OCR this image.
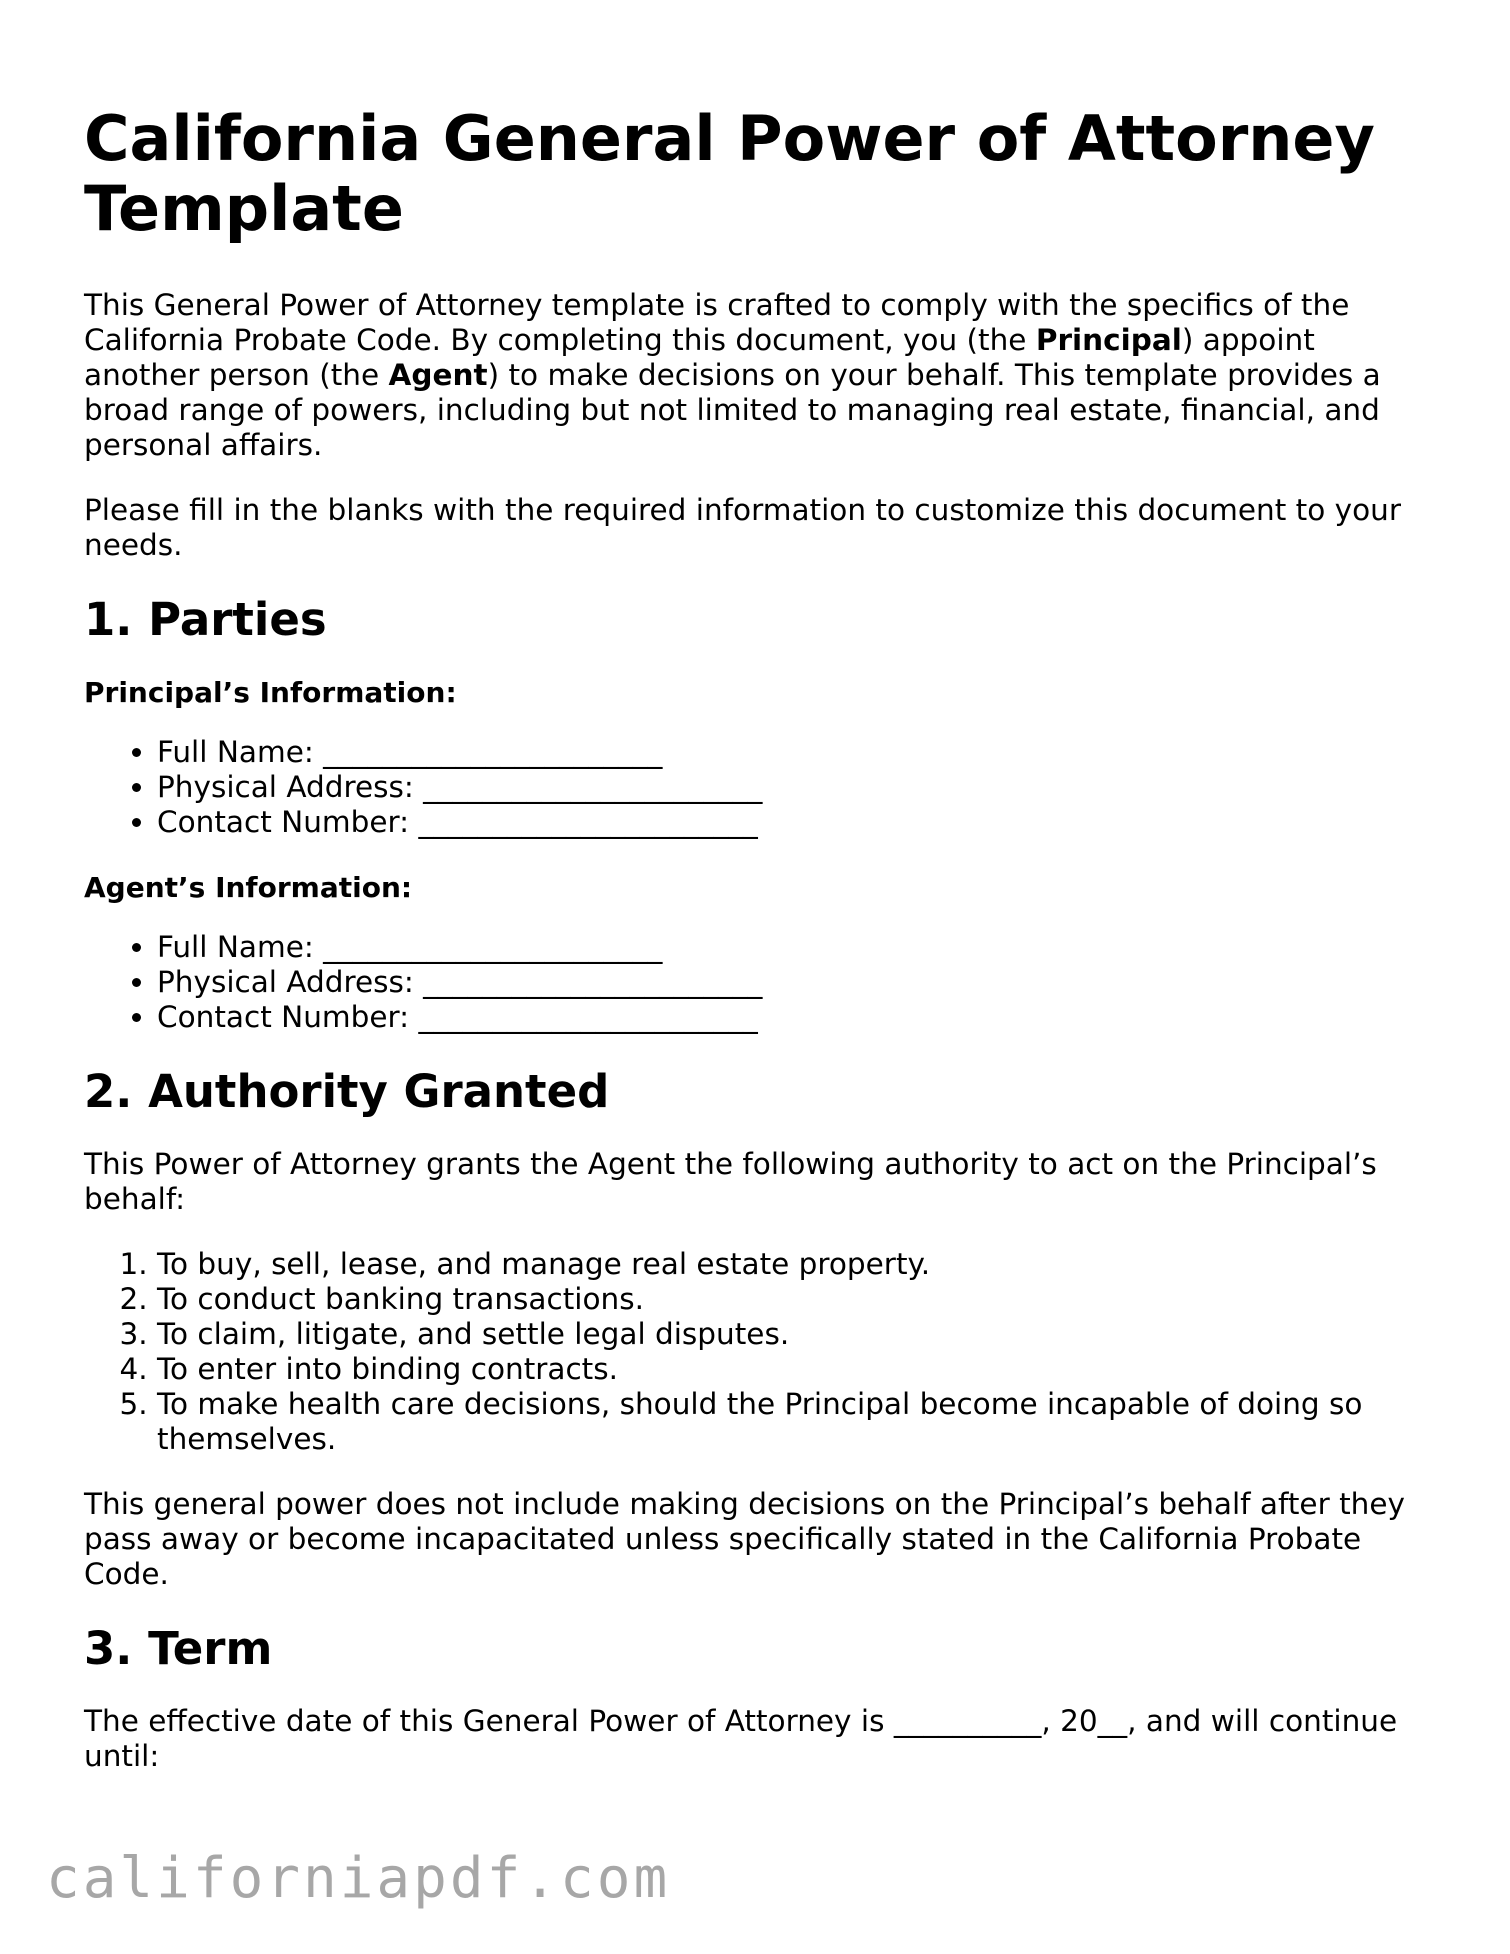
California General Power of Attorney Template

This General Power of Attorney template is crafted to comply with the specifics of the California Probate Code. By completing this document, you (the Principal) appoint another person (the Agent) to make decisions on your behalf. This template provides a broad range of powers, including but not limited to managing real estate, financial, and personal affairs.

Please fill in the blanks with the required information to customize this document to your needs.

1. Parties
Principal’s Information:
• Full Name: _______________________
• Physical Address: _______________________
• Contact Number: _______________________
Agent’s Information:
• Full Name: _______________________
• Physical Address: _______________________
• Contact Number: _______________________
2. Authority Granted

This Power of Attorney grants the Agent the following authority to act on the Principal’s behalf:

1. To buy, sell, lease, and manage real estate property.
2. To conduct banking transactions.
3. To claim, litigate, and settle legal disputes.
4. To enter into binding contracts.
5. To make health care decisions, should the Principal become incapable of doing so themselves.

This general power does not include making decisions on the Principal’s behalf after they pass away or become incapacitated unless specifically stated in the California Probate Code.

3. Term

The effective date of this General Power of Attorney is __________, 20__, and will continue until:

californiapdf.com
